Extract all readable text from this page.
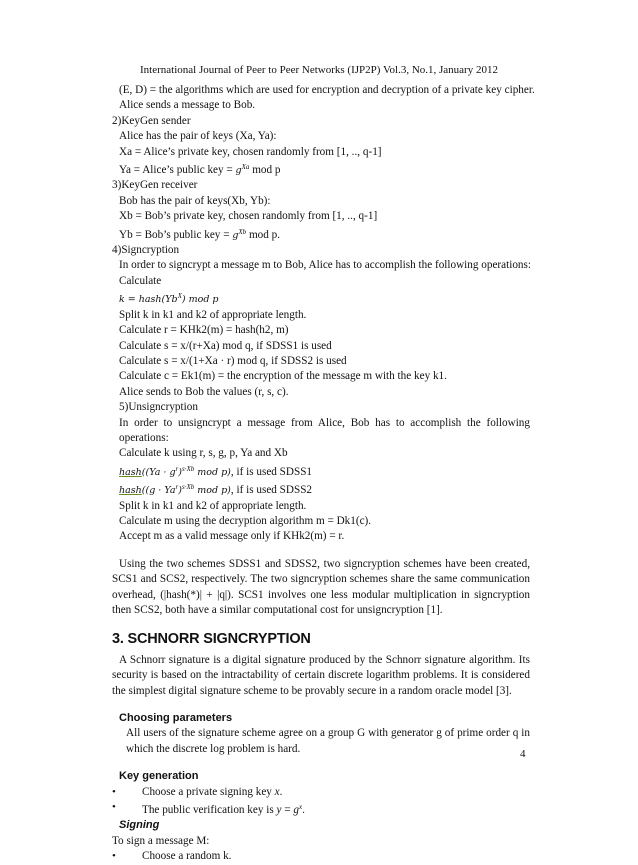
International Journal of Peer to Peer Networks (IJP2P) Vol.3, No.1, January 2012
(E, D) = the algorithms which are used for encryption and decryption of a private key cipher.
Alice sends a message to Bob.
2)KeyGen sender
Alice has the pair of keys (Xa, Ya):
Xa = Alice’s private key, chosen randomly from [1, .., q-1]
Ya = Alice’s public key = $g^{Xa}$ mod p
3)KeyGen receiver
Bob has the pair of keys(Xb, Yb):
Xb = Bob’s private key, chosen randomly from [1, .., q-1]
Yb = Bob’s public key = $g^{Xb}$ mod p.
4)Signcryption
In order to signcrypt a message m to Bob, Alice has to accomplish the following operations:
Calculate
$k = hash(Yb^X)$ mod p
Split k in k1 and k2 of appropriate length.
Calculate r = KHk2(m) = hash(h2, m)
Calculate s = x/(r+Xa) mod q, if SDSS1 is used
Calculate s = x/(1+Xa · r) mod q, if SDSS2 is used
Calculate c = Ek1(m) = the encryption of the message m with the key k1.
Alice sends to Bob the values (r, s, c).
5)Unsigncryption
In order to unsigncrypt a message from Alice, Bob has to accomplish the following operations:
Calculate k using r, s, g, p, Ya and Xb
hash((Ya · $g^r)^{s\cdot Xb}$ mod p), if is used SDSS1
hash((g · $Ya^r)^{s\cdot Xb}$ mod p), if is used SDSS2
Split k in k1 and k2 of appropriate length.
Calculate m using the decryption algorithm m = Dk1(c).
Accept m as a valid message only if KHk2(m) = r.
Using the two schemes SDSS1 and SDSS2, two signcryption schemes have been created, SCS1 and SCS2, respectively. The two signcryption schemes share the same communication overhead, (|hash(*)| + |q|). SCS1 involves one less modular multiplication in signcryption then SCS2, both have a similar computational cost for unsigncryption [1].
3. SCHNORR SIGNCRYPTION
A Schnorr signature is a digital signature produced by the Schnorr signature algorithm. Its security is based on the intractability of certain discrete logarithm problems. It is considered the simplest digital signature scheme to be provably secure in a random oracle model [3].
Choosing parameters
All users of the signature scheme agree on a group G with generator g of prime order q in which the discrete log problem is hard.
Key generation
•	Choose a private signing key x.
•	The public verification key is $y = g^x$.
Signing
To sign a message M:
•	Choose a random k.
4
